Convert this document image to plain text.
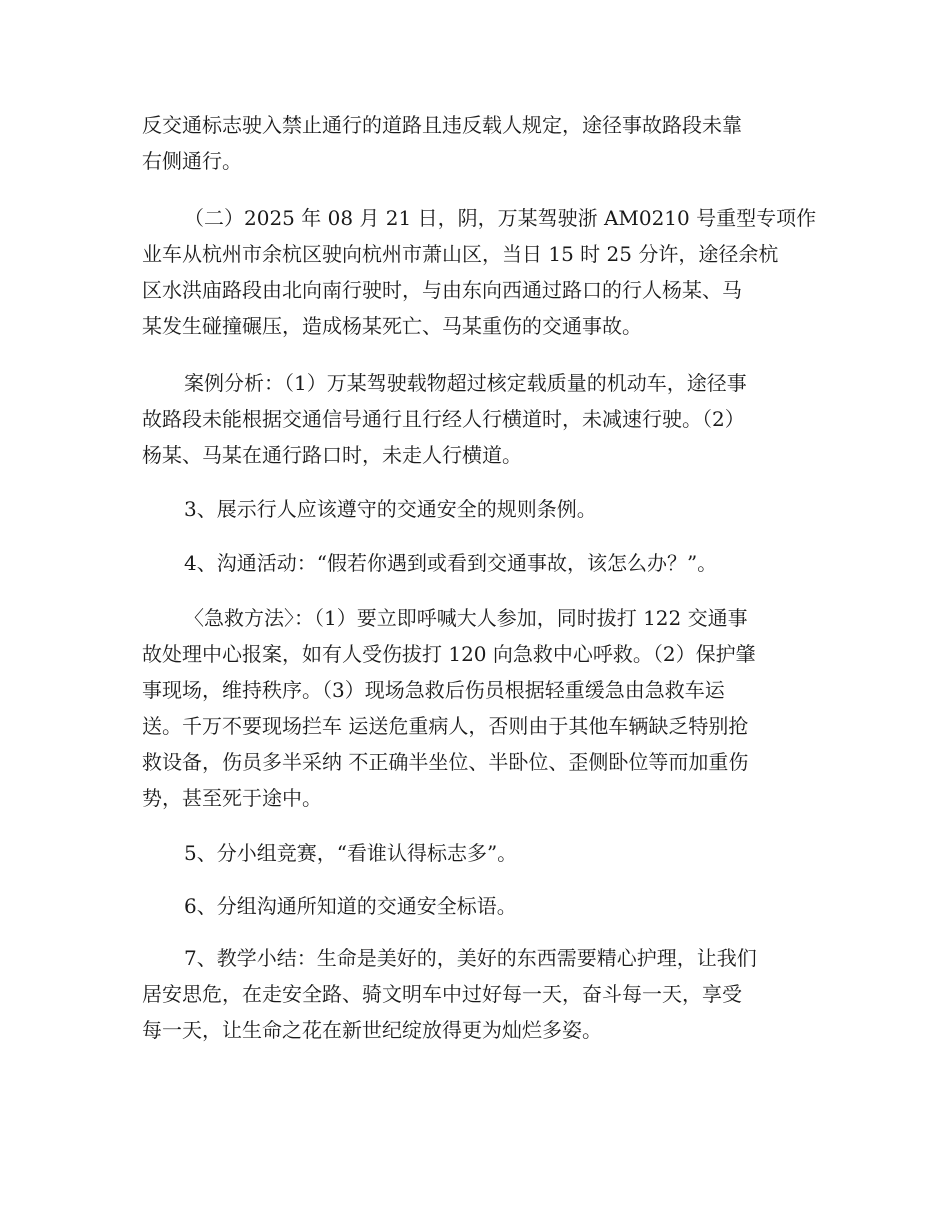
反交通标志驶入禁止通行的道路且违反载人规定，途径事故路段未靠
右侧通行。
（二）2025 年 08 月 21 日，阴，万某驾驶浙 AM0210 号重型专项作
业车从杭州市余杭区驶向杭州市萧山区，当日 15 时 25 分许，途径余杭
区水洪庙路段由北向南行驶时，与由东向西通过路口的行人杨某、马
某发生碰撞碾压，造成杨某死亡、马某重伤的交通事故。
案例分析：（1）万某驾驶载物超过核定载质量的机动车，途径事
故路段未能根据交通信号通行且行经人行横道时，未减速行驶。（2）
杨某、马某在通行路口时，未走人行横道。
3、展示行人应该遵守的交通安全的规则条例。
4、沟通活动：“假若你遇到或看到交通事故，该怎么办？”。
〈急救方法〉：（1）要立即呼喊大人参加，同时拔打 122 交通事
故处理中心报案，如有人受伤拔打 120 向急救中心呼救。（2）保护肇
事现场，维持秩序。（3）现场急救后伤员根据轻重缓急由急救车运
送。千万不要现场拦车 运送危重病人，否则由于其他车辆缺乏特别抢
救设备，伤员多半采纳 不正确半坐位、半卧位、歪侧卧位等而加重伤
势，甚至死于途中。
5、分小组竞赛，“看谁认得标志多”。
6、分组沟通所知道的交通安全标语。
7、教学小结：生命是美好的，美好的东西需要精心护理，让我们
居安思危，在走安全路、骑文明车中过好每一天，奋斗每一天，享受
每一天，让生命之花在新世纪绽放得更为灿烂多姿。
